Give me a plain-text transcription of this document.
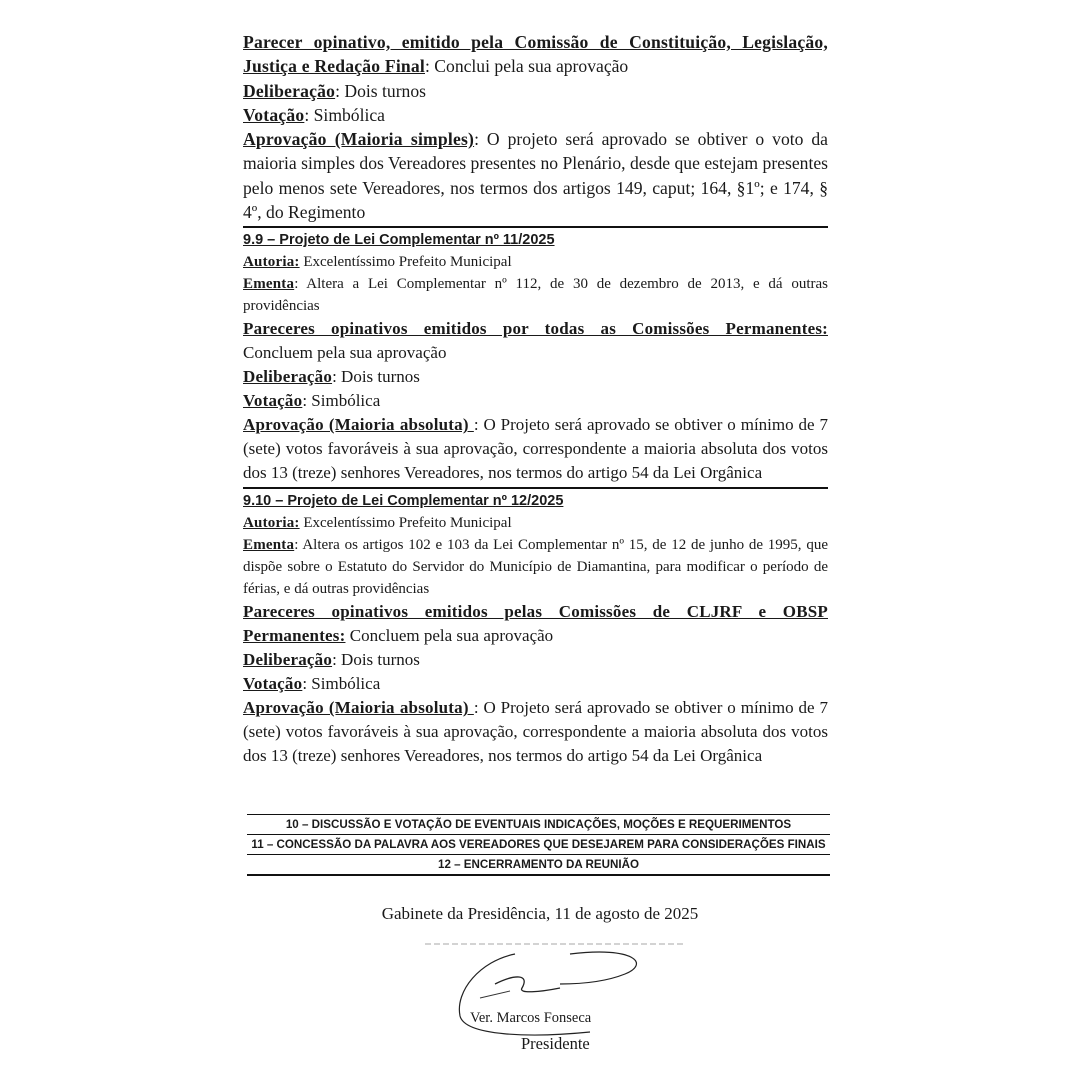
Parecer opinativo, emitido pela Comissão de Constituição, Legislação,

Justiça e Redação Final: Conclui pela sua aprovação

Deliberação: Dois turnos

Votação: Simbólica

Aprovação (Maioria simples): O projeto será aprovado se obtiver o voto da maioria simples dos Vereadores presentes no Plenário, desde que estejam presentes pelo menos sete Vereadores, nos termos dos artigos 149, caput; 164, §1º; e 174, § 4º, do Regimento

9.9 – Projeto de Lei Complementar nº 11/2025

Autoria: Excelentíssimo Prefeito Municipal

Ementa: Altera a Lei Complementar nº 112, de 30 de dezembro de 2013, e dá outras providências

Pareceres opinativos emitidos por todas as Comissões Permanentes:

Concluem pela sua aprovação

Deliberação: Dois turnos

Votação: Simbólica

Aprovação (Maioria absoluta) : O Projeto será aprovado se obtiver o mínimo de 7 (sete) votos favoráveis à sua aprovação, correspondente a maioria absoluta dos votos dos 13 (treze) senhores Vereadores, nos termos do artigo 54 da Lei Orgânica

9.10 – Projeto de Lei Complementar nº 12/2025

Autoria: Excelentíssimo Prefeito Municipal

Ementa: Altera os artigos 102 e 103 da Lei Complementar nº 15, de 12 de junho de 1995, que dispõe sobre o Estatuto do Servidor do Município de Diamantina, para modificar o período de férias, e dá outras providências

Pareceres opinativos emitidos pelas Comissões de CLJRF e OBSP

Permanentes: Concluem pela sua aprovação

Deliberação: Dois turnos

Votação: Simbólica

Aprovação (Maioria absoluta) : O Projeto será aprovado se obtiver o mínimo de 7 (sete) votos favoráveis à sua aprovação, correspondente a maioria absoluta dos votos dos 13 (treze) senhores Vereadores, nos termos do artigo 54 da Lei Orgânica

10 – DISCUSSÃO E VOTAÇÃO DE EVENTUAIS INDICAÇÕES, MOÇÕES E REQUERIMENTOS
11 – CONCESSÃO DA PALAVRA AOS VEREADORES QUE DESEJAREM PARA CONSIDERAÇÕES FINAIS
12 – ENCERRAMENTO DA REUNIÃO
Gabinete da Presidência, 11 de agosto de 2025
Ver. Marcos Fonseca
Presidente
